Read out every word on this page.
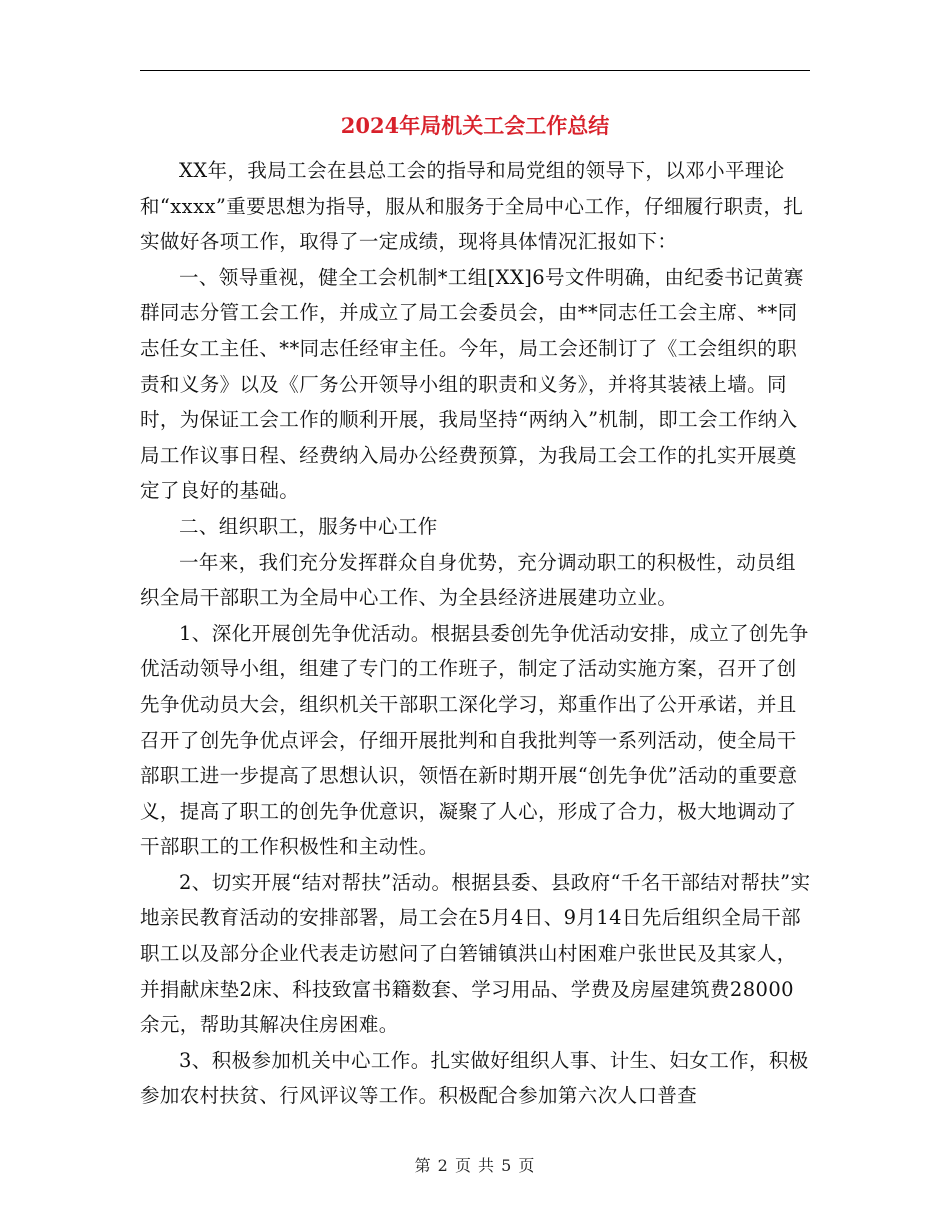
2024年局机关工会工作总结

XX年，我局工会在县总工会的指导和局党组的领导下，以邓小平理论和“xxxx”重要思想为指导，服从和服务于全局中心工作，仔细履行职责，扎实做好各项工作，取得了一定成绩，现将具体情况汇报如下：

一、领导重视，健全工会机制*工组[XX]6号文件明确，由纪委书记黄赛群同志分管工会工作，并成立了局工会委员会，由**同志任工会主席、**同志任女工主任、**同志任经审主任。今年，局工会还制订了《工会组织的职责和义务》以及《厂务公开领导小组的职责和义务》，并将其装裱上墙。同时，为保证工会工作的顺利开展，我局坚持“两纳入”机制，即工会工作纳入局工作议事日程、经费纳入局办公经费预算，为我局工会工作的扎实开展奠定了良好的基础。

二、组织职工，服务中心工作

一年来，我们充分发挥群众自身优势，充分调动职工的积极性，动员组织全局干部职工为全局中心工作、为全县经济进展建功立业。

1、深化开展创先争优活动。根据县委创先争优活动安排，成立了创先争优活动领导小组，组建了专门的工作班子，制定了活动实施方案，召开了创先争优动员大会，组织机关干部职工深化学习，郑重作出了公开承诺，并且召开了创先争优点评会，仔细开展批判和自我批判等一系列活动，使全局干部职工进一步提高了思想认识，领悟在新时期开展“创先争优”活动的重要意义，提高了职工的创先争优意识，凝聚了人心，形成了合力，极大地调动了干部职工的工作积极性和主动性。

2、切实开展“结对帮扶”活动。根据县委、县政府“千名干部结对帮扶”实地亲民教育活动的安排部署，局工会在5月4日、9月14日先后组织全局干部职工以及部分企业代表走访慰问了白箬铺镇洪山村困难户张世民及其家人，并捐献床垫2床、科技致富书籍数套、学习用品、学费及房屋建筑费28000余元，帮助其解决住房困难。

3、积极参加机关中心工作。扎实做好组织人事、计生、妇女工作，积极参加农村扶贫、行风评议等工作。积极配合参加第六次人口普查

第 2 页 共 5 页
